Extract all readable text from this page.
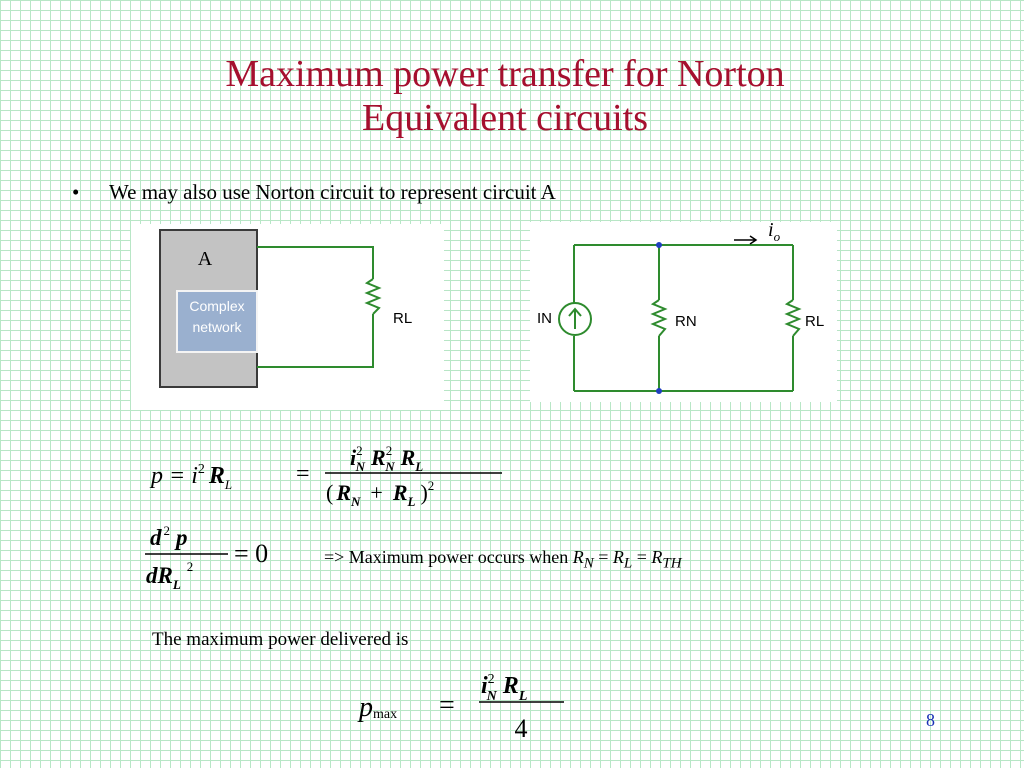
Maximum power transfer for Norton
Equivalent circuits
• We may also use Norton circuit to represent circuit A
A
Complex
network	RL
$i_o$
IN	RN	RL
$p = i^2$ $R_L$	=
$i^2$ N $R^2$ N $R_L$
( $R_N + R_L$ )$^2$
d $^2$ p
$dR_L^2 = 0$	=> Maximum power occurs when $R_N = R_L = R_{TH}$
The maximum power delivered is
pmax =
$i^2$ N $R_L$
4	8
